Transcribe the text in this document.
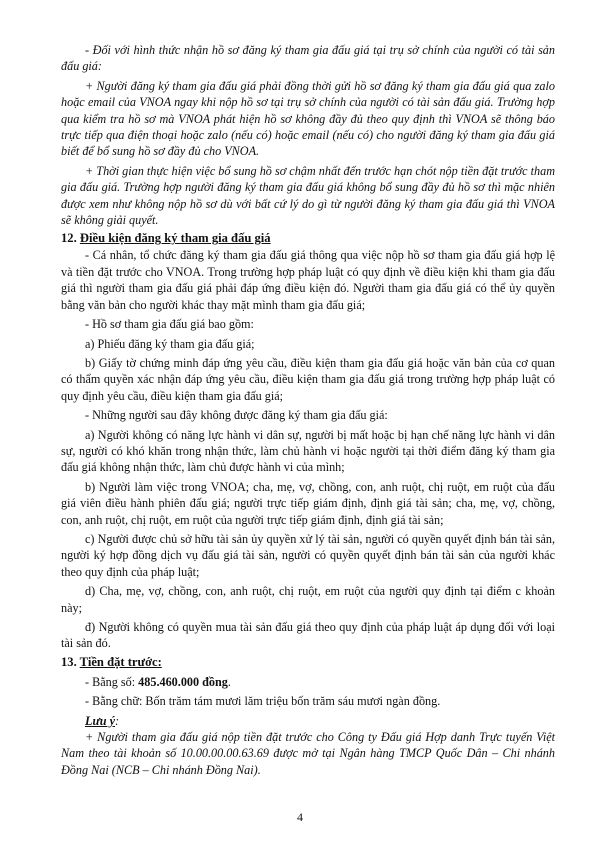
- Đối với hình thức nhận hồ sơ đăng ký tham gia đấu giá tại trụ sở chính của người có tài sản đấu giá:

+ Người đăng ký tham gia đấu giá phải đồng thời gửi hồ sơ đăng ký tham gia đấu giá qua zalo hoặc email của VNOA ngay khi nộp hồ sơ tại trụ sở chính của người có tài sản đấu giá. Trường hợp qua kiểm tra hồ sơ mà VNOA phát hiện hồ sơ không đầy đủ theo quy định thì VNOA sẽ thông báo trực tiếp qua điện thoại hoặc zalo (nếu có) hoặc email (nếu có) cho người đăng ký tham gia đấu giá biết để bổ sung hồ sơ đầy đủ cho VNOA.

+ Thời gian thực hiện việc bổ sung hồ sơ chậm nhất đến trước hạn chót nộp tiền đặt trước tham gia đấu giá. Trường hợp người đăng ký tham gia đấu giá không bổ sung đầy đủ hồ sơ thì mặc nhiên được xem như không nộp hồ sơ dù với bất cứ lý do gì từ người đăng ký tham gia đấu giá thì VNOA sẽ không giải quyết.

12. Điều kiện đăng ký tham gia đấu giá

- Cá nhân, tổ chức đăng ký tham gia đấu giá thông qua việc nộp hồ sơ tham gia đấu giá hợp lệ và tiền đặt trước cho VNOA. Trong trường hợp pháp luật có quy định về điều kiện khi tham gia đấu giá thì người tham gia đấu giá phải đáp ứng điều kiện đó. Người tham gia đấu giá có thể ủy quyền bằng văn bản cho người khác thay mặt mình tham gia đấu giá;

- Hồ sơ tham gia đấu giá bao gồm:

a) Phiếu đăng ký tham gia đấu giá;

b) Giấy tờ chứng minh đáp ứng yêu cầu, điều kiện tham gia đấu giá hoặc văn bản của cơ quan có thẩm quyền xác nhận đáp ứng yêu cầu, điều kiện tham gia đấu giá trong trường hợp pháp luật có quy định yêu cầu, điều kiện tham gia đấu giá;

- Những người sau đây không được đăng ký tham gia đấu giá:

a) Người không có năng lực hành vi dân sự, người bị mất hoặc bị hạn chế năng lực hành vi dân sự, người có khó khăn trong nhận thức, làm chủ hành vi hoặc người tại thời điểm đăng ký tham gia đấu giá không nhận thức, làm chủ được hành vi của mình;

b) Người làm việc trong VNOA; cha, mẹ, vợ, chồng, con, anh ruột, chị ruột, em ruột của đấu giá viên điều hành phiên đấu giá; người trực tiếp giám định, định giá tài sản; cha, mẹ, vợ, chồng, con, anh ruột, chị ruột, em ruột của người trực tiếp giám định, định giá tài sản;

c) Người được chủ sở hữu tài sản ủy quyền xử lý tài sản, người có quyền quyết định bán tài sản, người ký hợp đồng dịch vụ đấu giá tài sản, người có quyền quyết định bán tài sản của người khác theo quy định của pháp luật;

d) Cha, mẹ, vợ, chồng, con, anh ruột, chị ruột, em ruột của người quy định tại điểm c khoản này;

đ) Người không có quyền mua tài sản đấu giá theo quy định của pháp luật áp dụng đối với loại tài sản đó.

13. Tiền đặt trước:

- Bằng số: 485.460.000 đồng.

- Bằng chữ: Bốn trăm tám mươi lăm triệu bốn trăm sáu mươi ngàn đồng.

Lưu ý:

+ Người tham gia đấu giá nộp tiền đặt trước cho Công ty Đấu giá Hợp danh Trực tuyến Việt Nam theo tài khoản số 10.00.00.00.63.69 được mở tại Ngân hàng TMCP Quốc Dân – Chi nhánh Đồng Nai (NCB – Chi nhánh Đồng Nai).

4
